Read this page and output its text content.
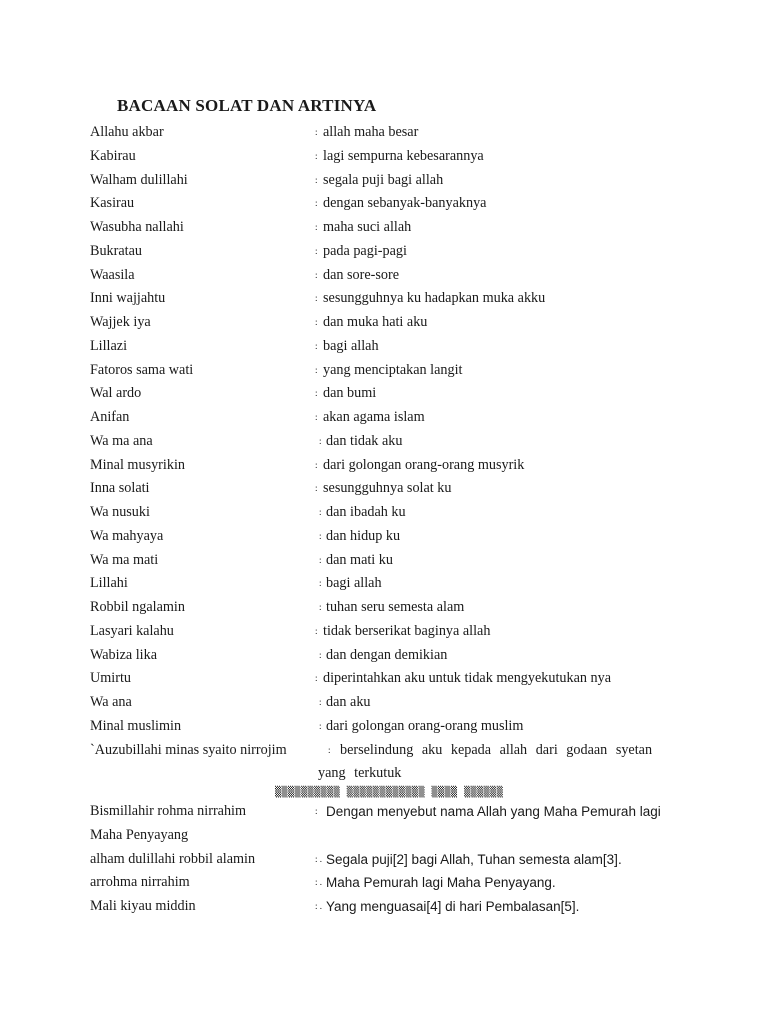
BACAAN SOLAT DAN ARTINYA
Allahu akbar	: allah maha besar
Kabirau	: lagi sempurna kebesarannya
Walham dulillahi	: segala puji bagi allah
Kasirau	: dengan sebanyak-banyaknya
Wasubha nallahi	: maha suci allah
Bukratau	: pada pagi-pagi
Waasila	: dan sore-sore
Inni wajjahtu	: sesungguhnya ku hadapkan muka akku
Wajjek iya	: dan muka hati aku
Lillazi	: bagi allah
Fatoros sama wati	: yang menciptakan langit
Wal ardo	: dan bumi
Anifan	: akan agama islam
Wa ma ana	: dan tidak aku
Minal musyrikin	: dari golongan orang-orang musyrik
Inna solati	: sesungguhnya solat ku
Wa nusuki	: dan ibadah ku
Wa mahyaya	: dan hidup ku
Wa ma mati	: dan mati ku
Lillahi	: bagi allah
Robbil ngalamin	: tuhan seru semesta alam
Lasyari kalahu	: tidak berserikat baginya allah
Wabiza lika	: dan dengan demikian
Umirtu	: diperintahkan aku untuk tidak mengyekutukan nya
Wa ana	: dan aku
Minal muslimin	: dari golongan orang-orang muslim
`Auzubillahi minas syaito nirrojim	: berselindung aku kepada allah dari godaan syetan
yang terkutuk
▒▒▒▒▒▒▒▒▒▒ ▒▒▒▒▒▒▒▒▒▒▒▒ ▒▒▒▒ ▒▒▒▒▒▒
Bismillahir rohma nirrahim	: Dengan menyebut nama Allah yang Maha Pemurah lagi
Maha Penyayang
alham dulillahi robbil alamin	: . Segala puji[2] bagi Allah, Tuhan semesta alam[3].
arrohma nirrahim	: . Maha Pemurah lagi Maha Penyayang.
Mali kiyau middin	: . Yang menguasai[4] di hari Pembalasan[5].
